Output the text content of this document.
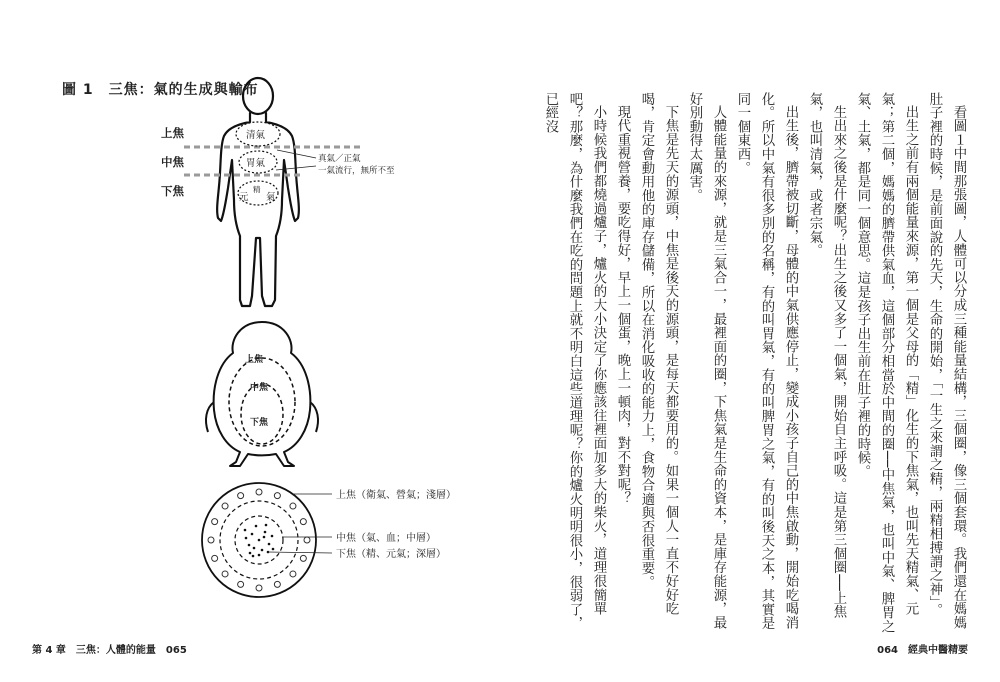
圖 1　三焦：氣的生成與輸布
上焦
中焦
下焦
清氣
胃氣
元
精
氣
真氣／正氣
一氣流行，無所不至
上焦
中焦
下焦
上焦（衛氣、營氣；淺層）
中焦（氣、血；中層）
下焦（精、元氣；深層）
第 4 章　三焦：人體的能量　065

看圖１中間那張圖，人體可以分成三種能量結構，三個圈，像三個套環。我們還在媽媽肚子裡的時候，是前面說的先天，生命的開始，「一生之來謂之精，兩精相搏謂之神」。

出生之前有兩個能量來源，第一個是父母的「精」化生的下焦氣，也叫先天精氣、元氣；第二個，媽媽的臍帶供氣血，這個部分相當於中間的圈──中焦氣，也叫中氣、脾胃之氣、土氣，都是同一個意思。這是孩子出生前在肚子裡的時候。

生出來之後是什麼呢？出生之後又多了一個氣，開始自主呼吸。這是第三個圈──上焦氣，也叫清氣，或者宗氣。

出生後，臍帶被切斷，母體的中氣供應停止，變成小孩子自己的中焦啟動，開始吃喝消化。所以中氣有很多別的名稱，有的叫胃氣，有的叫脾胃之氣，有的叫後天之本，其實是同一個東西。

人體能量的來源，就是三氣合一，最裡面的圈，下焦氣是生命的資本，是庫存能源，最好別動得太厲害。

下焦是先天的源頭，中焦是後天的源頭，是每天都要用的。如果一個人一直不好好吃喝，肯定會動用他的庫存儲備，所以在消化吸收的能力上，食物合適與否很重要。

現代重視營養，要吃得好，早上一個蛋，晚上一頓肉，對不對呢？

小時候我們都燒過爐子，爐火的大小決定了你應該往裡面加多大的柴火，道理很簡單吧？那麼，為什麼我們在吃的問題上就不明白這些道理呢？你的爐火明明很小，很弱了，已經沒

064　經典中醫精要
